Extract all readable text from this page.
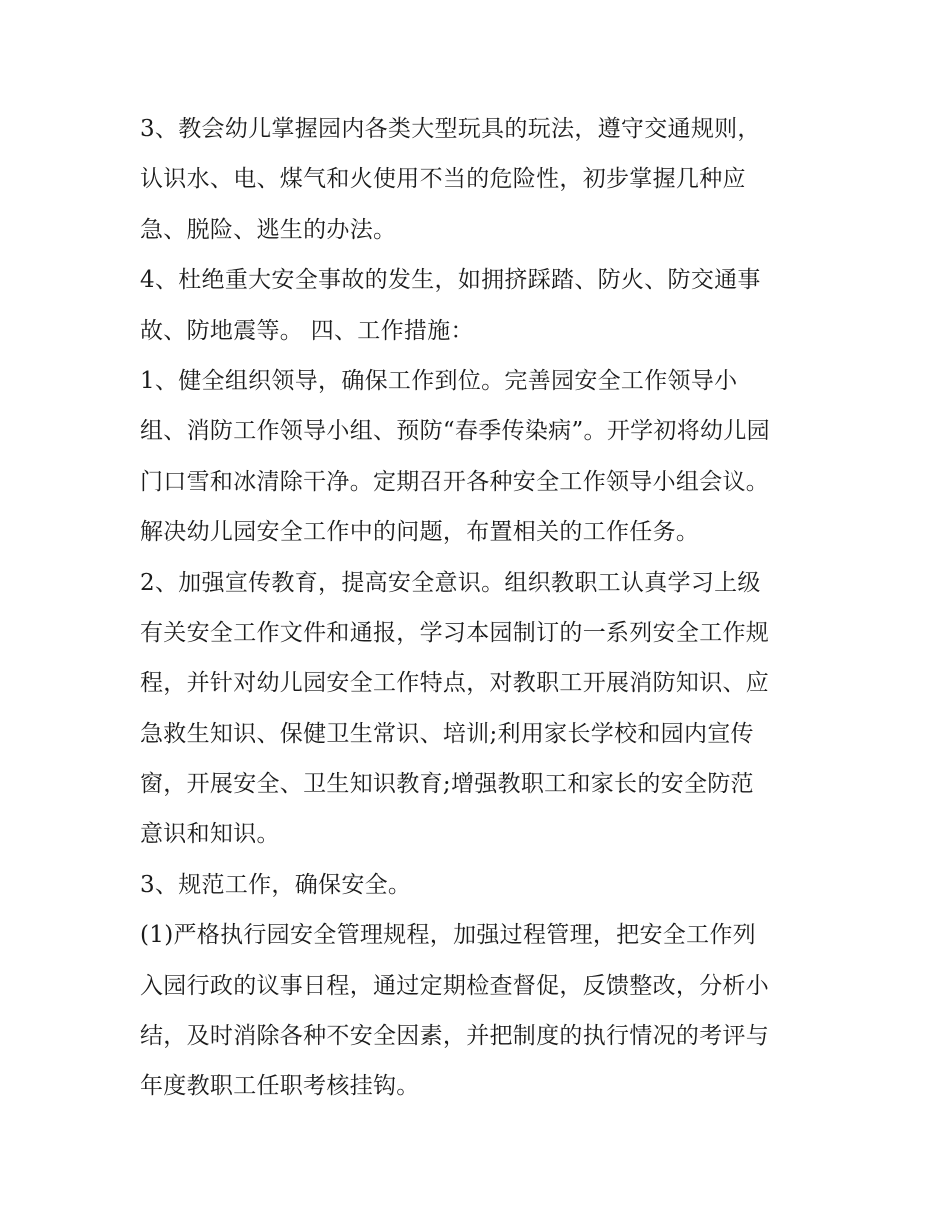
3、教会幼儿掌握园内各类大型玩具的玩法，遵守交通规则，
认识水、电、煤气和火使用不当的危险性，初步掌握几种应
急、脱险、逃生的办法。
4、杜绝重大安全事故的发生，如拥挤踩踏、防火、防交通事
故、防地震等。 四、工作措施：
1、健全组织领导，确保工作到位。完善园安全工作领导小
组、消防工作领导小组、预防“春季传染病”。开学初将幼儿园
门口雪和冰清除干净。定期召开各种安全工作领导小组会议。
解决幼儿园安全工作中的问题，布置相关的工作任务。
2、加强宣传教育，提高安全意识。组织教职工认真学习上级
有关安全工作文件和通报，学习本园制订的一系列安全工作规
程，并针对幼儿园安全工作特点，对教职工开展消防知识、应
急救生知识、保健卫生常识、培训;利用家长学校和园内宣传
窗，开展安全、卫生知识教育;增强教职工和家长的安全防范
意识和知识。
3、规范工作，确保安全。
(1)严格执行园安全管理规程，加强过程管理，把安全工作列
入园行政的议事日程，通过定期检查督促，反馈整改，分析小
结，及时消除各种不安全因素，并把制度的执行情况的考评与
年度教职工任职考核挂钩。
